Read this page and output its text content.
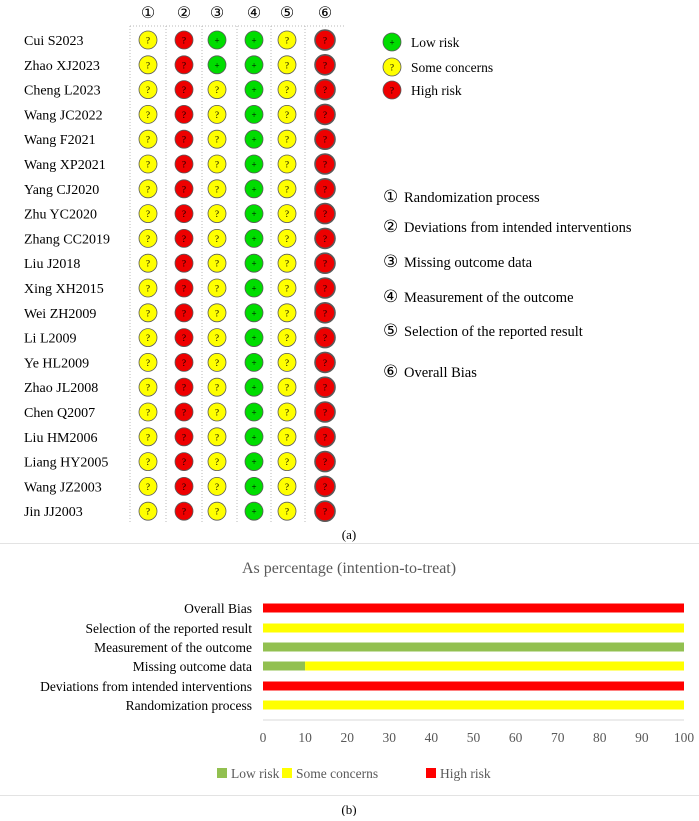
① ② ③ ④ ⑤ ⑥
Cui S2023	?	?	+	+	?	?
Zhao XJ2023	?	?	+	+	?	?
Cheng L2023	?	?	?	+	?	?
Wang JC2022	?	?	?	+	?	?
Wang F2021	?	?	?	+	?	?
Wang XP2021	?	?	?	+	?	?
Yang CJ2020	?	?	?	+	?	?
Zhu YC2020	?	?	?	+	?	?
Zhang CC2019	?	?	?	+	?	?
Liu J2018	?	?	?	+	?	?
Xing XH2015	?	?	?	+	?	?
Wei ZH2009	?	?	?	+	?	?
Li L2009	?	?	?	+	?	?
Ye HL2009	?	?	?	+	?	?
Zhao JL2008	?	?	?	+	?	?
Chen Q2007	?	?	?	+	?	?
Liu HM2006	?	?	?	+	?	?
Liang HY2005	?	?	?	+	?	?
Wang JZ2003	?	?	?	+	?	?
Jin JJ2003	?	?	?	+	?	?
+ Low risk
? Some concerns
? High risk
① Randomization process
② Deviations from intended interventions
③ Missing outcome data
④ Measurement of the outcome
⑤ Selection of the reported result
⑥ Overall Bias
(a)
As percentage (intention-to-treat)
Overall Bias
Selection of the reported result
Measurement of the outcome
Missing outcome data
Deviations from intended interventions
Randomization process
0 10 20 30 40 50 60 70 80 90 100
Low risk Some concerns	High risk
(b)
